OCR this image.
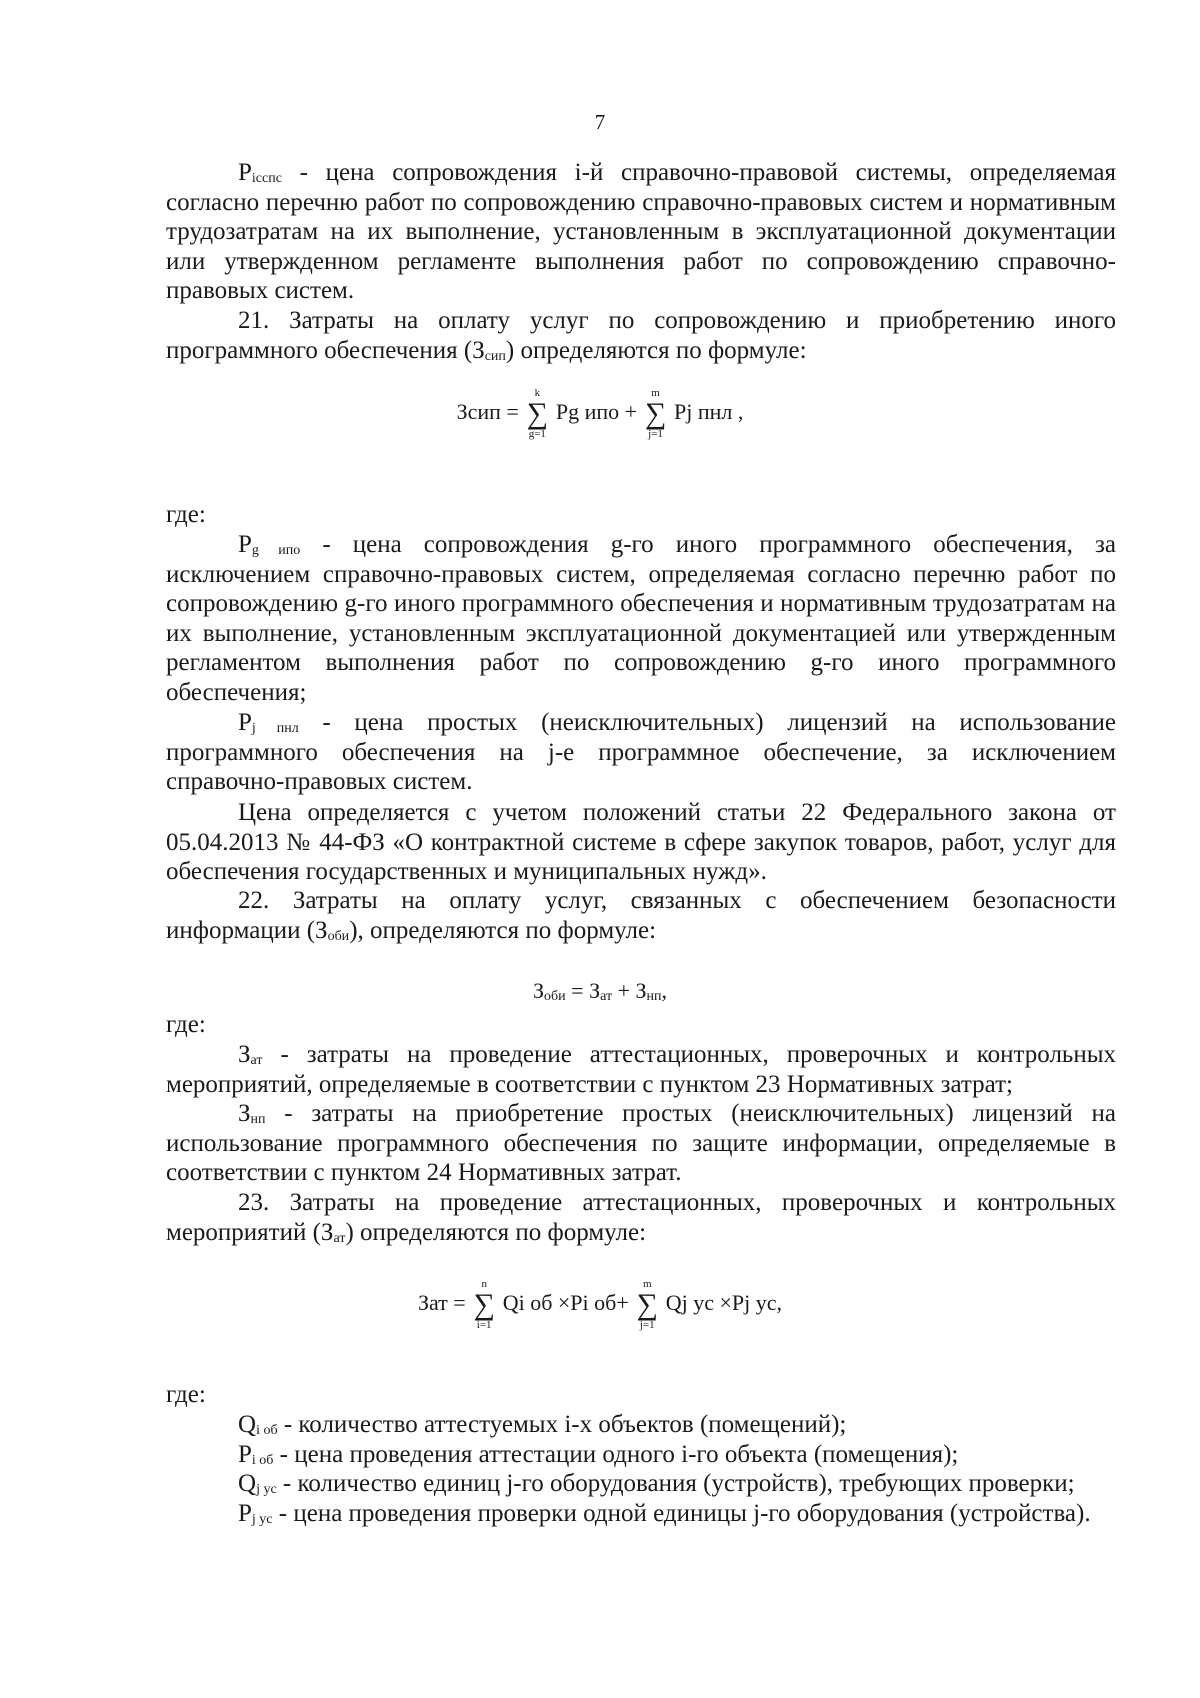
7

$P_{iсспс}$ - цена сопровождения i-й справочно-правовой системы, определяемая согласно перечню работ по сопровождению справочно-правовых систем и нормативным трудозатратам на их выполнение, установленным в эксплуатационной документации или утвержденном регламенте выполнения работ по сопровождению справочно-правовых систем.

21. Затраты на оплату услуг по сопровождению и приобретению иного программного обеспечения $(З_{сип})$ определяются по формуле:

Зсип =
k
∑
g=1
Pg ипо +
m
∑
j=1
Pj пнл ,
где:

$P_{g ипо}$ - цена сопровождения g-го иного программного обеспечения, за исключением справочно-правовых систем, определяемая согласно перечню работ по сопровождению g-го иного программного обеспечения и нормативным трудозатратам на их выполнение, установленным эксплуатационной документацией или утвержденным регламентом выполнения работ по сопровождению g-го иного программного обеспечения;

$P_{j пнл}$ - цена простых (неисключительных) лицензий на использование программного обеспечения на j-е программное обеспечение, за исключением справочно-правовых систем.

Цена определяется с учетом положений статьи 22 Федерального закона от 05.04.2013 № 44-ФЗ «О контрактной системе в сфере закупок товаров, работ, услуг для обеспечения государственных и муниципальных нужд».

22. Затраты на оплату услуг, связанных с обеспечением безопасности информации $(З_{оби})$, определяются по формуле:

$З_{оби} = З_{ат} + З_{нп}$,
где:

$З_{ат}$ - затраты на проведение аттестационных, проверочных и контрольных мероприятий, определяемые в соответствии с пунктом 23 Нормативных затрат;

$З_{нп}$ - затраты на приобретение простых (неисключительных) лицензий на использование программного обеспечения по защите информации, определяемые в соответствии с пунктом 24 Нормативных затрат.

23. Затраты на проведение аттестационных, проверочных и контрольных мероприятий $(З_{ат})$ определяются по формуле:

Зат =
n
∑
i=1
Qi об ×Pi об+
m
∑
j=1
Qj ус ×Pj ус,
где:

$Q_{i об}$ - количество аттестуемых i-х объектов (помещений);

$P_{i об}$ - цена проведения аттестации одного i-го объекта (помещения);

$Q_{j ус}$ - количество единиц j-го оборудования (устройств), требующих проверки;

$P_{j ус}$ - цена проведения проверки одной единицы j-го оборудования (устройства).
